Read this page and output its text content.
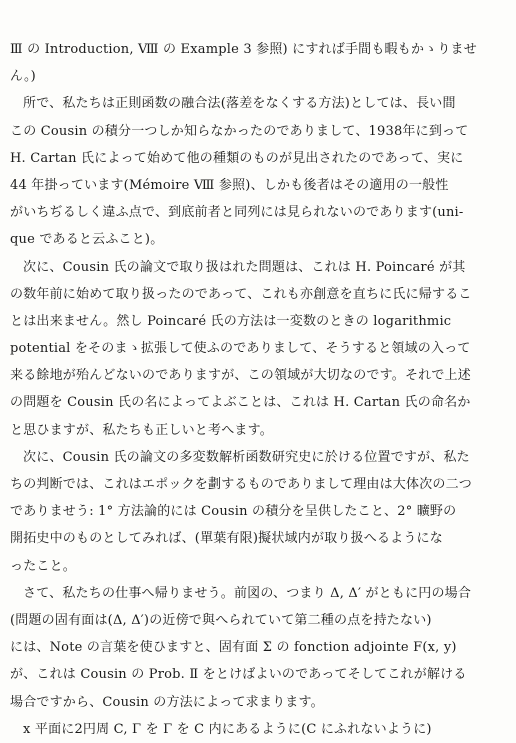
Ⅲ の Introduction, Ⅷ の Example 3 参照) にすれば手間も暇もかゝりませ
ん。)
所で、私たちは正則函数の融合法(落差をなくする方法)としては、長い間
この Cousin の積分一つしか知らなかったのでありまして、1938年に到って
H. Cartan 氏によって始めて他の種類のものが見出されたのであって、実に
44 年掛っています(Mémoire Ⅷ 参照)、しかも後者はその適用の一般性
がいちぢるしく違ふ点で、到底前者と同列には見られないのであります(uni-
que であると云ふこと)。
次に、Cousin 氏の論文で取り扱はれた問題は、これは H. Poincaré が其
の数年前に始めて取り扱ったのであって、これも亦創意を直ちに氏に帰するこ
とは出来ません。然し Poincaré 氏の方法は一変数のときの logarithmic
potential をそのまゝ拡張して使ふのでありまして、そうすると領域の入って
来る餘地が殆んどないのでありますが、この領域が大切なのです。それで上述
の問題を Cousin 氏の名によってよぶことは、これは H. Cartan 氏の命名か
と思ひますが、私たちも正しいと考へます。
次に、Cousin 氏の論文の多変数解析函数研究史に於ける位置ですが、私た
ちの判断では、これはエポックを劃するものでありまして理由は大体次の二つ
でありませう: 1° 方法論的には Cousin の積分を呈供したこと、2° 曠野の
開拓史中のものとしてみれば、(單葉有限)擬状域内が取り扱へるようにな
ったこと。
さて、私たちの仕事へ帰りませう。前図の、つまり Δ, Δ′ がともに円の場合
(問題の固有面は(Δ, Δ′)の近傍で與へられていて第二種の点を持たない)
には、Note の言葉を使ひますと、固有面 Σ の fonction adjointe F(x, y)
が、これは Cousin の Prob. Ⅱ をとけばよいのであってそしてこれが解ける
場合ですから、Cousin の方法によって求まります。
x 平面に2円周 C, Γ を Γ を C 内にあるように(C にふれないように)
